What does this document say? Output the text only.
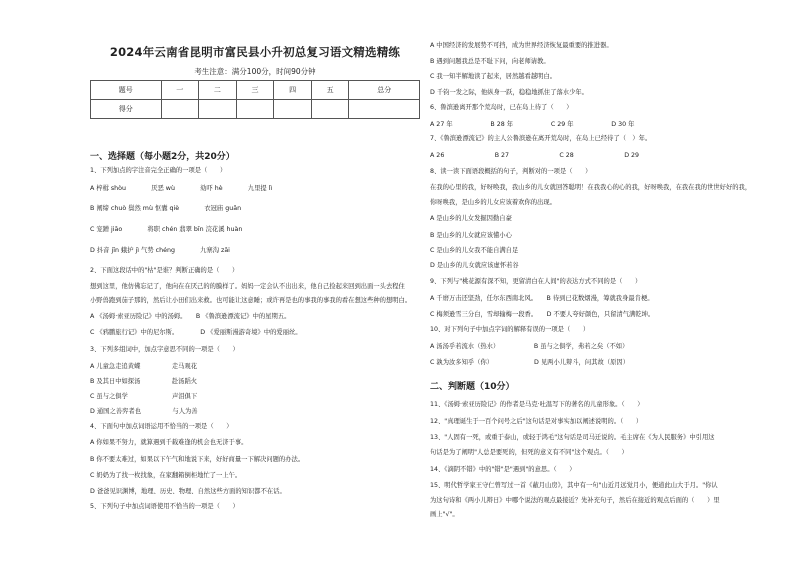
2024年云南省昆明市富民县小升初总复习语文精选精练
考生注意：满分100分，时间90分钟
题号	一	二	三	四	五	总分
得分						
一、选择题（每小题2分，共20分）
1、下列加点的字注音完全正确的一项是（　　）
A 梓楫 shòu　　　　厌恶 wù　　　　劾吓 hè　　　　九里提 lì
B 阐缔 chuò 鬓然 mù 怄囊 qiè　　　　衣冠庙 guān
C 宠蹭 jiāo　　　　将职 chén 翡翠 bīn 浣花溪 huàn
D 抖音 jīn 蛾护 jì 气势 chéng　　　　九寨沟 zāi
2、下面这段话中的"枯"是谁？判断正确的是（　　）
想到这里，他仿佛忘记了，他向在在厌己的的膜样了。妈妈一定会认不出出来，他自己捡起来回到出面一头去程住
小野兽跑到茄子那的，然后让小田们出来救。也可能让这意睡；或许再是也的事我的事我的看在想这些种的想明白。
A 《汤姆·索亚历险记》中的汤姆。　　B 《鲁滨逊漂流记》中的星期五。
C 《鸦鹏旅行记》中的尼尔斯。　　　　D 《爱丽斯漫游奇境》中的爱丽丝。
3、下列多组词中，加点字意思不同的一项是（　　）
A 儿童急走追黄蝶　　　　　走马观花
B 及其日中如探汤　　　　　赴汤蹈火
C 虽与之俱学　　　　　　　声泪俱下
D 通国之善弈者也　　　　　与人为善
4、下面句中加点词语运用不恰当的一项是（　　）
A 你如果不努力，就算遇到千载难逢的机会也无济于事。
B 你不要太难过，如果以下午气和地说下来，好好商量一下解决问题的办法。
C 奶奶为了找一枚找象，在家翻箱倒柜地忙了一上午。
D 爸爸见识渊博，地理、历史、物理、自然这些方面的知识都不在话。
5、下列句子中加点词语使用不恰当的一项是（　　）
A 中国经济的发展势不可挡，成为世界经济恢复最重要的推进器。
B 遇到问题我总是不耻下问，向老师请教。
C 我一知半解地读了起来，居然越看越明白。
D 千钧一发之际，他纵身一跃，稳稳地抓住了落水少年。
6、鲁滨逊离开那个荒岛时，已在岛上待了（　　）
A 27 年　　　　　　B 28 年　　　　　　C 29 年　　　　　　D 30 年
7、《鲁滨逊漂流记》的主人公鲁滨逊在离开荒岛时，在岛上已经待了（　）年。
A 26　　　　　　　　B 27　　　　　　　　C 28　　　　　　　　D 29
8、读一读下面语段概括的句子，判断对的一项是（　　）
在我的心里的我，好呀唤我，我山乡的儿女就回答聪明！在我我心的心的我，好呀唤我，在我在我的世世好好的我，
你呀唤我，是山乡的儿女应该着欢你的出现。
A 是山乡的儿女发掘因勤自豪
B 是山乡的儿女就应该懂小心
C 是山乡的儿女我不能自满自足
D 是山乡的儿女就应该虚怀若谷
9、下列与"桃花源有深不知，更留清白在人间"的表达方式不同的是（　　）
A 千磨万击还坚劲，任尔东西南北风。　　B 待到已花数烟漫，筹就我身最肯梗。
C 梅须逊雪三分白，雪却输梅一段香。　　D 不要人夸好颜色，只留清气满乾坤。
10、对下列句子中加点字词的解释有误的一项是（　　）
A 汤汤乎若流水（热水）　　　　　　B 虽与之俱学，弗若之矣（不如）
C 孰为汝多知乎（你）　　　　　　　D 见两小儿辩斗，问其故（原因）
二、判断题（10分）
11、《汤姆·索亚历险记》的作者是马克·吐温写下的著名的儿童形象。（　　）
12、"真理诞生于一百个问号之后"这句话是对事实加以阐述说明的。（　　）
13、"人固有一死，或重于泰山，或轻于鸿毛"这句话是司马迁说的。毛主席在《为人民服务》中引用这
句话是为了阐明"人总是要死的，但死的意义有不同"这个观点。（　　）
14、《滴阴不错》中的"错"是"遇到"的意思。（　　）
15、明代哲学家王守仁曾写过一首《蔽月山房》，其中有一句"山近月远觉月小，便道此山大于月。"你认
为这句诗和《两小儿辩日》中哪个说法的观点最接近？先补充句子，然后在接近的观点后面的（　　）里
画上"√"。
